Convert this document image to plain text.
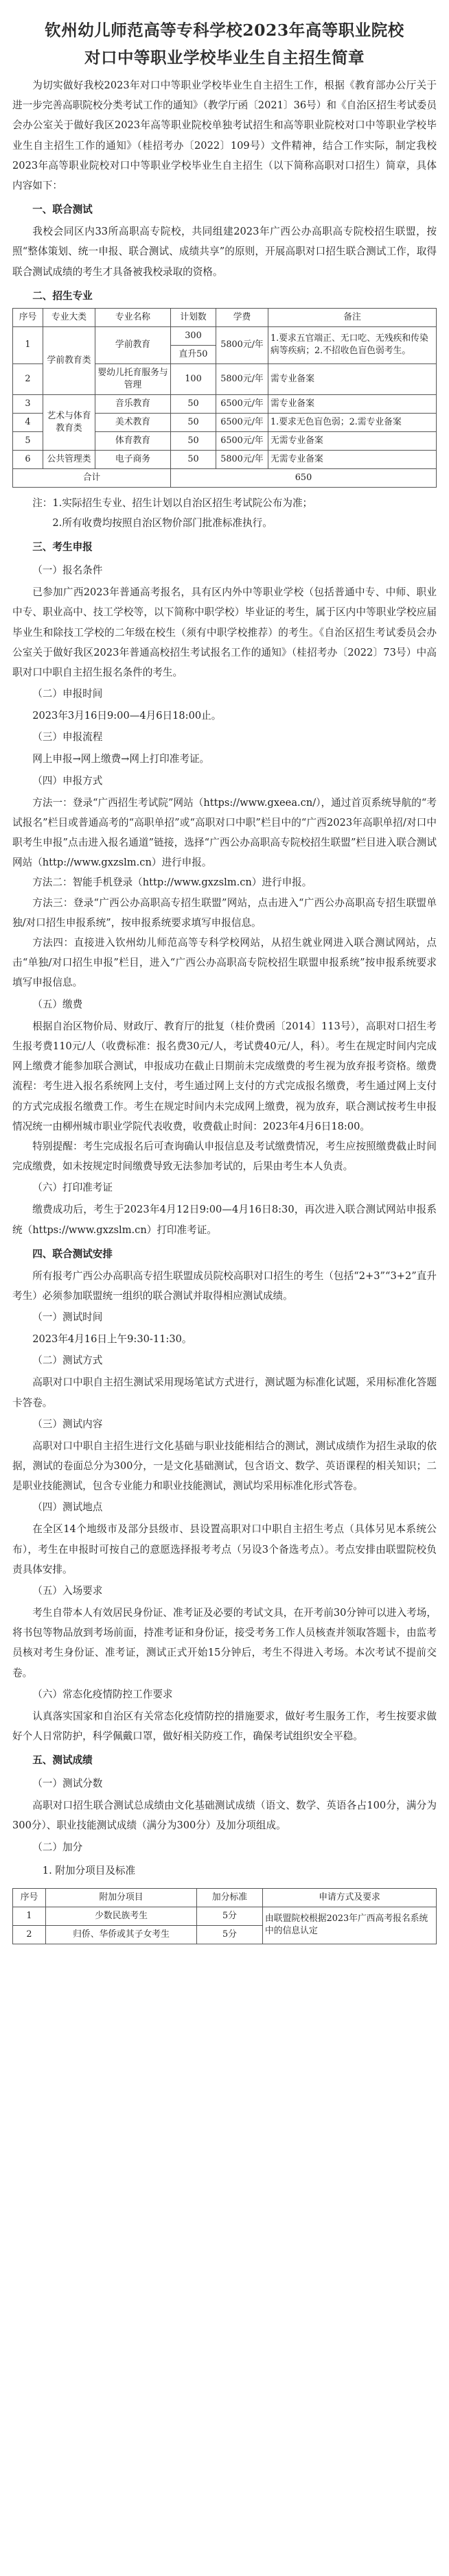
钦州幼儿师范高等专科学校2023年高等职业院校
对口中等职业学校毕业生自主招生简章

为切实做好我校2023年对口中等职业学校毕业生自主招生工作，根据《教育部办公厅关于进一步完善高职院校分类考试工作的通知》（教学厅函〔2021〕36号）和《自治区招生考试委员会办公室关于做好我区2023年高等职业院校单独考试招生和高等职业院校对口中等职业学校毕业生自主招生工作的通知》（桂招考办〔2022〕109号）文件精神，结合工作实际，制定我校2023年高等职业院校对口中等职业学校毕业生自主招生（以下简称高职对口招生）简章，具体内容如下：

一、联合测试

我校会同区内33所高职高专院校，共同组建2023年广西公办高职高专院校招生联盟，按照“整体策划、统一申报、联合测试、成绩共享”的原则，开展高职对口招生联合测试工作，取得联合测试成绩的考生才具备被我校录取的资格。

二、招生专业

序号	专业大类	专业名称	计划数	学费	备注
1	学前教育类	学前教育	300	5800元/年	1.要求五官端正、无口吃、无残疾和传染病等疾病；2.不招收色盲色弱考生。
			直升50		
2		婴幼儿托育服务与管理	100	5800元/年	需专业备案
3	艺术与体育教育类	音乐教育	50	6500元/年	需专业备案
4		美术教育	50	6500元/年	1.要求无色盲色弱；2.需专业备案
5		体育教育	50	6500元/年	无需专业备案
6	公共管理类	电子商务	50	5800元/年	无需专业备案
合计			650		

注：1.实际招生专业、招生计划以自治区招生考试院公布为准；

2.所有收费均按照自治区物价部门批准标准执行。

三、考生申报

（一）报名条件

已参加广西2023年普通高考报名，具有区内外中等职业学校（包括普通中专、中师、职业中专、职业高中、技工学校等，以下简称中职学校）毕业证的考生，属于区内中等职业学校应届毕业生和除技工学校的二年级在校生（须有中职学校推荐）的考生。《自治区招生考试委员会办公室关于做好我区2023年普通高校招生考试报名工作的通知》（桂招考办〔2022〕73号）中高职对口中职自主招生报名条件的考生。

（二）申报时间

2023年3月16日9:00—4月6日18:00止。

（三）申报流程

网上申报→网上缴费→网上打印准考证。

（四）申报方式

方法一：登录“广西招生考试院”网站（https://www.gxeea.cn/），通过首页系统导航的“考试报名”栏目或普通高考的“高职单招”或“高职对口中职”栏目中的“广西2023年高职单招/对口中职考生申报”点击进入报名通道”链接，选择“广西公办高职高专院校招生联盟”栏目进入联合测试网站（http://www.gxzslm.cn）进行申报。

方法二：智能手机登录（http://www.gxzslm.cn）进行申报。

方法三：登录“广西公办高职高专招生联盟”网站，点击进入“广西公办高职高专招生联盟单独/对口招生申报系统”，按申报系统要求填写申报信息。

方法四：直接进入钦州幼儿师范高等专科学校网站，从招生就业网进入联合测试网站，点击“单独/对口招生申报”栏目，进入“广西公办高职高专院校招生联盟申报系统”按申报系统要求填写申报信息。

（五）缴费

根据自治区物价局、财政厅、教育厅的批复（桂价费函〔2014〕113号），高职对口招生考生报考费110元/人（收费标准：报名费30元/人，考试费40元/人，科）。考生在规定时间内完成网上缴费才能参加联合测试，申报成功在截止日期前未完成缴费的考生视为放弃报考资格。缴费流程：考生进入报名系统网上支付，考生通过网上支付的方式完成报名缴费，考生通过网上支付的方式完成报名缴费工作。考生在规定时间内未完成网上缴费，视为放弃，联合测试按考生申报情况统一由柳州城市职业学院代表收费，收费截止时间：2023年4月6日18:00。

特别提醒：考生完成报名后可查询确认申报信息及考试缴费情况，考生应按照缴费截止时间完成缴费，如未按规定时间缴费导致无法参加考试的，后果由考生本人负责。

（六）打印准考证

缴费成功后，考生于2023年4月12日9:00—4月16日8:30，再次进入联合测试网站申报系统（https://www.gxzslm.cn）打印准考证。

四、联合测试安排

所有报考广西公办高职高专招生联盟成员院校高职对口招生的考生（包括“2+3”“3+2”直升考生）必须参加联盟统一组织的联合测试并取得相应测试成绩。

（一）测试时间

2023年4月16日上午9:30-11:30。

（二）测试方式

高职对口中职自主招生测试采用现场笔试方式进行，测试题为标准化试题，采用标准化答题卡答卷。

（三）测试内容

高职对口中职自主招生进行文化基础与职业技能相结合的测试，测试成绩作为招生录取的依据，测试的卷面总分为300分，一是文化基础测试，包含语文、数学、英语课程的相关知识；二是职业技能测试，包含专业能力和职业技能测试，测试均采用标准化形式答卷。

（四）测试地点

在全区14个地级市及部分县级市、县设置高职对口中职自主招生考点（具体另见本系统公布），考生在申报时可按自己的意愿选择报考考点（另设3个备选考点）。考点安排由联盟院校负责具体安排。

（五）入场要求

考生自带本人有效居民身份证、准考证及必要的考试文具，在开考前30分钟可以进入考场，将书包等物品放到考场前面，持准考证和身份证，接受考务工作人员核查并领取答题卡，由监考员核对考生身份证、准考证，测试正式开始15分钟后，考生不得进入考场。本次考试不提前交卷。

（六）常态化疫情防控工作要求

认真落实国家和自治区有关常态化疫情防控的措施要求，做好考生服务工作，考生按要求做好个人日常防护，科学佩戴口罩，做好相关防疫工作，确保考试组织安全平稳。

五、测试成绩

（一）测试分数

高职对口招生联合测试总成绩由文化基础测试成绩（语文、数学、英语各占100分，满分为300分）、职业技能测试成绩（满分为300分）及加分项组成。

（二）加分

1. 附加分项目及标准

序号	附加分项目	加分标准	申请方式及要求
1	少数民族考生	5分	由联盟院校根据2023年广西高考报名系统中的信息认定
2	归侨、华侨或其子女考生	5分	
